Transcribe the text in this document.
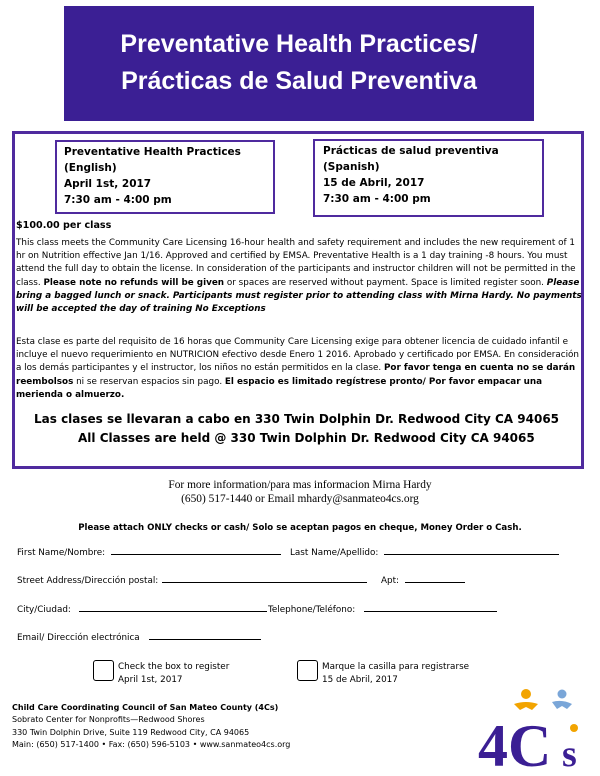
Preventative Health Practices/
Prácticas de Salud Preventiva
Preventative Health Practices
(English)
April 1st, 2017
7:30 am - 4:00 pm
Prácticas de salud preventiva
(Spanish)
15 de Abril, 2017
7:30 am - 4:00 pm
$100.00 per class
This class meets the Community Care Licensing 16-hour health and safety requirement and includes the new requirement of 1 hr on Nutrition effective Jan 1/16. Approved and certified by EMSA. Preventative Health is a 1 day training -8 hours. You must attend the full day to obtain the license. In consideration of the participants and instructor children will not be permitted in the class. Please note no refunds will be given or spaces are reserved without payment. Space is limited register soon. Please bring a bagged lunch or snack. Participants must register prior to attending class with Mirna Hardy. No payments will be accepted the day of training No Exceptions
Esta clase es parte del requisito de 16 horas que Community Care Licensing exige para obtener licencia de cuidado infantil e incluye el nuevo requerimiento en NUTRICION efectivo desde Enero 1 2016. Aprobado y certificado por EMSA. En consideración a los demás participantes y el instructor, los niños no están permitidos en la clase. Por favor tenga en cuenta no se darán reembolsos ni se reservan espacios sin pago. El espacio es limitado regístrese pronto/ Por favor empacar una merienda o almuerzo.
Las clases se llevaran a cabo en 330 Twin Dolphin Dr. Redwood City CA 94065
All Classes are held @ 330 Twin Dolphin Dr. Redwood City CA 94065
For more information/para mas informacion Mirna Hardy
(650) 517-1440 or Email mhardy@sanmateo4cs.org
Please attach ONLY checks or cash/ Solo se aceptan pagos en cheque, Money Order o Cash.
First Name/Nombre:	Last Name/Apellido:
Street Address/Dirección postal:	Apt:
City/Ciudad:	Telephone/Teléfono:
Email/ Dirección electrónica
Check the box to register
April 1st, 2017
Marque la casilla para registrarse
15 de Abril, 2017
Child Care Coordinating Council of San Mateo County (4Cs)
Sobrato Center for Nonprofits—Redwood Shores
330 Twin Dolphin Drive, Suite 119 Redwood City, CA 94065
Main: (650) 517-1400 • Fax: (650) 596-5103 • www.sanmateo4cs.org	4C s
